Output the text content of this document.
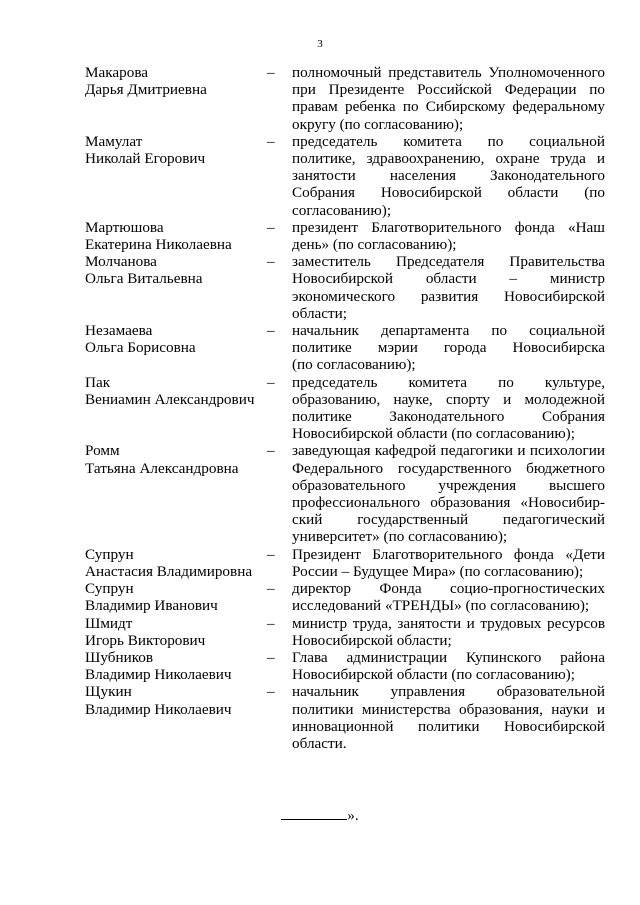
3
Макарова
Дарья Дмитриевна
–	полномочный представитель Уполномоченного
при Президенте Российской Федерации по
правам ребенка по Сибирскому федеральному
округу (по согласованию);
Мамулат
Николай Егорович
–	председатель комитета по социальной
политике, здравоохранению, охране труда и
занятости населения Законодательного
Собрания Новосибирской области (по
согласованию);
Мартюшова
Екатерина Николаевна
–	президент Благотворительного фонда «Наш
день» (по согласованию);
Молчанова
Ольга Витальевна
–	заместитель Председателя Правительства
Новосибирской области – министр
экономического развития Новосибирской
области;
Незамаева
Ольга Борисовна
–	начальник департамента по социальной
политике мэрии города Новосибирска
(по согласованию);
Пак
Вениамин Александрович
–	председатель комитета по культуре,
образованию, науке, спорту и молодежной
политике Законодательного Собрания
Новосибирской области (по согласованию);
Ромм
Татьяна Александровна
–	заведующая кафедрой педагогики и психологии
Федерального государственного бюджетного
образовательного учреждения высшего
профессионального образования «Новосибир-
ский государственный педагогический
университет» (по согласованию);
Супрун
Анастасия Владимировна
–	Президент Благотворительного фонда «Дети
России – Будущее Мира» (по согласованию);
Супрун
Владимир Иванович
–	директор Фонда социо-прогностических
исследований «ТРЕНДЫ» (по согласованию);
Шмидт
Игорь Викторович
–	министр труда, занятости и трудовых ресурсов
Новосибирской области;
Шубников
Владимир Николаевич
–	Глава администрации Купинского района
Новосибирской области (по согласованию);
Щукин
Владимир Николаевич
–	начальник управления образовательной
политики министерства образования, науки и
инновационной политики Новосибирской
области.
».
